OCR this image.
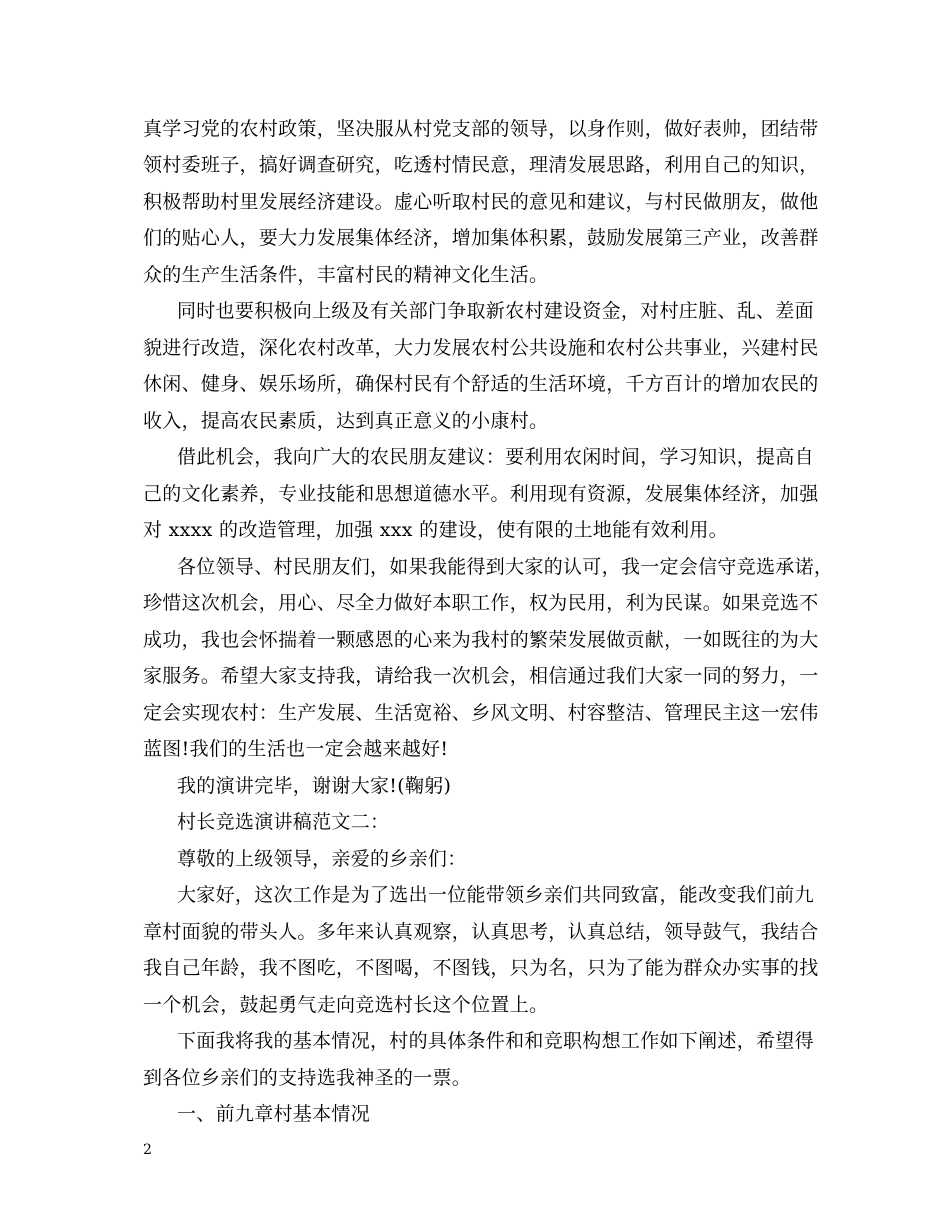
真学习党的农村政策，坚决服从村党支部的领导，以身作则，做好表帅，团结带
领村委班子，搞好调查研究，吃透村情民意，理清发展思路，利用自己的知识，
积极帮助村里发展经济建设。虚心听取村民的意见和建议，与村民做朋友，做他
们的贴心人，要大力发展集体经济，增加集体积累，鼓励发展第三产业，改善群
众的生产生活条件，丰富村民的精神文化生活。
同时也要积极向上级及有关部门争取新农村建设资金，对村庄脏、乱、差面
貌进行改造，深化农村改革，大力发展农村公共设施和农村公共事业，兴建村民
休闲、健身、娱乐场所，确保村民有个舒适的生活环境，千方百计的增加农民的
收入，提高农民素质，达到真正意义的小康村。
借此机会，我向广大的农民朋友建议：要利用农闲时间，学习知识，提高自
己的文化素养，专业技能和思想道德水平。利用现有资源，发展集体经济，加强
对 xxxx 的改造管理，加强 xxx 的建设，使有限的土地能有效利用。
各位领导、村民朋友们，如果我能得到大家的认可，我一定会信守竞选承诺，
珍惜这次机会，用心、尽全力做好本职工作，权为民用，利为民谋。如果竞选不
成功，我也会怀揣着一颗感恩的心来为我村的繁荣发展做贡献，一如既往的为大
家服务。希望大家支持我，请给我一次机会，相信通过我们大家一同的努力，一
定会实现农村：生产发展、生活宽裕、乡风文明、村容整洁、管理民主这一宏伟
蓝图!我们的生活也一定会越来越好!
我的演讲完毕，谢谢大家!(鞠躬)
村长竞选演讲稿范文二：
尊敬的上级领导，亲爱的乡亲们：
大家好，这次工作是为了选出一位能带领乡亲们共同致富，能改变我们前九
章村面貌的带头人。多年来认真观察，认真思考，认真总结，领导鼓气，我结合
我自己年龄，我不图吃，不图喝，不图钱，只为名，只为了能为群众办实事的找
一个机会，鼓起勇气走向竞选村长这个位置上。
下面我将我的基本情况，村的具体条件和和竞职构想工作如下阐述，希望得
到各位乡亲们的支持选我神圣的一票。
一、前九章村基本情况
2
